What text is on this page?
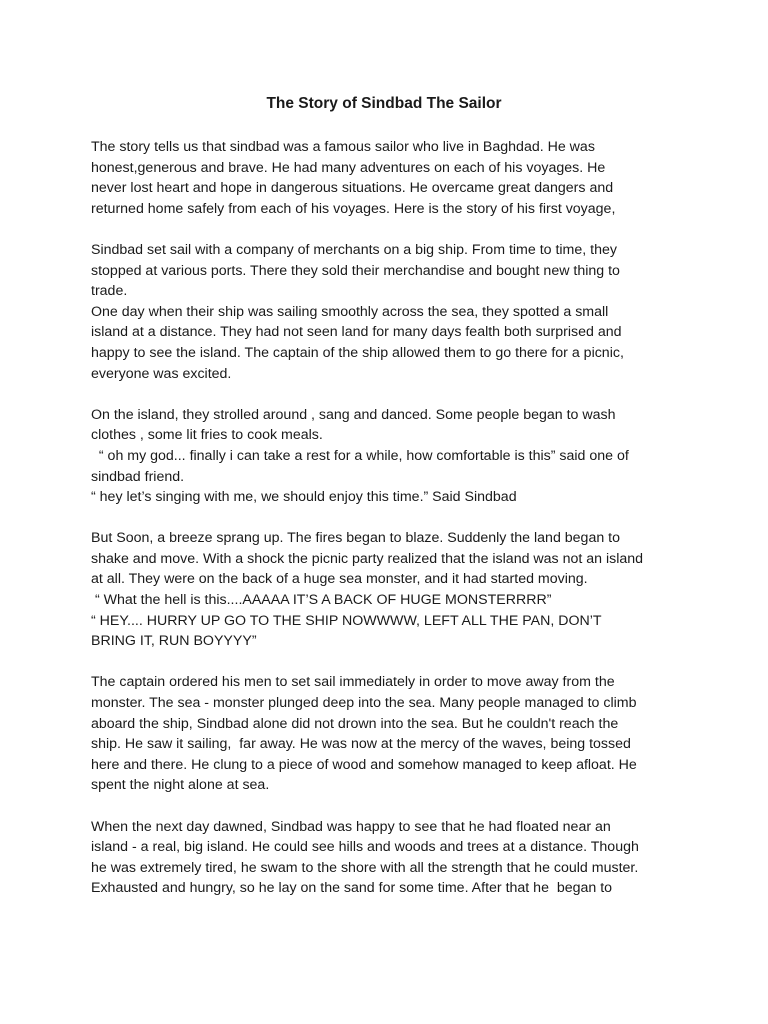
The Story of Sindbad The Sailor
The story tells us that sindbad was a famous sailor who live in Baghdad. He was
honest,generous and brave. He had many adventures on each of his voyages. He
never lost heart and hope in dangerous situations. He overcame great dangers and
returned home safely from each of his voyages. Here is the story of his first voyage,
Sindbad set sail with a company of merchants on a big ship. From time to time, they
stopped at various ports. There they sold their merchandise and bought new thing to
trade.
One day when their ship was sailing smoothly across the sea, they spotted a small
island at a distance. They had not seen land for many days fealth both surprised and
happy to see the island. The captain of the ship allowed them to go there for a picnic,
everyone was excited.
On the island, they strolled around , sang and danced. Some people began to wash
clothes , some lit fries to cook meals.
“ oh my god... finally i can take a rest for a while, how comfortable is this” said one of
sindbad friend.
“ hey let’s singing with me, we should enjoy this time.” Said Sindbad
But Soon, a breeze sprang up. The fires began to blaze. Suddenly the land began to
shake and move. With a shock the picnic party realized that the island was not an island
at all. They were on the back of a huge sea monster, and it had started moving.
“ What the hell is this....AAAAA IT’S A BACK OF HUGE MONSTERRRR”
“ HEY.... HURRY UP GO TO THE SHIP NOWWWW, LEFT ALL THE PAN, DON’T
BRING IT, RUN BOYYYY”
The captain ordered his men to set sail immediately in order to move away from the
monster. The sea - monster plunged deep into the sea. Many people managed to climb
aboard the ship, Sindbad alone did not drown into the sea. But he couldn't reach the
ship. He saw it sailing,  far away. He was now at the mercy of the waves, being tossed
here and there. He clung to a piece of wood and somehow managed to keep afloat. He
spent the night alone at sea.
When the next day dawned, Sindbad was happy to see that he had floated near an
island - a real, big island. He could see hills and woods and trees at a distance. Though
he was extremely tired, he swam to the shore with all the strength that he could muster.
Exhausted and hungry, so he lay on the sand for some time. After that he  began to
